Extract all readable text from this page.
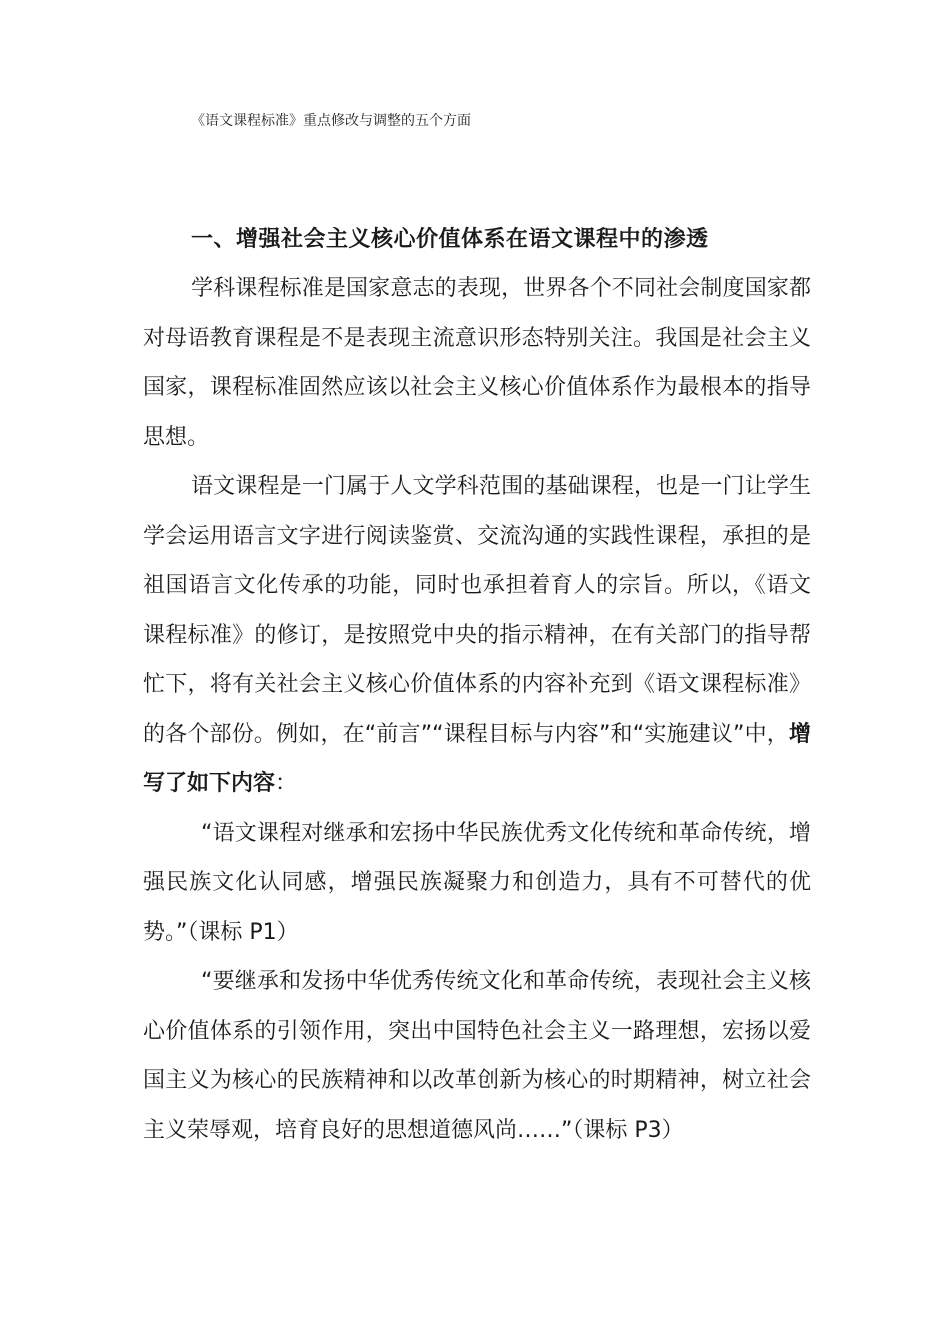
《语文课程标准》重点修改与调整的五个方面
一、增强社会主义核心价值体系在语文课程中的渗透

学科课程标准是国家意志的表现，世界各个不同社会制度国家都对母语教育课程是不是表现主流意识形态特别关注。我国是社会主义国家，课程标准固然应该以社会主义核心价值体系作为最根本的指导思想。

语文课程是一门属于人文学科范围的基础课程，也是一门让学生学会运用语言文字进行阅读鉴赏、交流沟通的实践性课程，承担的是祖国语言文化传承的功能，同时也承担着育人的宗旨。所以，《语文课程标准》的修订，是按照党中央的指示精神，在有关部门的指导帮忙下，将有关社会主义核心价值体系的内容补充到《语文课程标准》的各个部份。例如，在“前言”“课程目标与内容”和“实施建议”中，增写了如下内容：

“语文课程对继承和宏扬中华民族优秀文化传统和革命传统，增强民族文化认同感，增强民族凝聚力和创造力，具有不可替代的优势。”（课标 P1）

“要继承和发扬中华优秀传统文化和革命传统，表现社会主义核心价值体系的引领作用，突出中国特色社会主义一路理想，宏扬以爱国主义为核心的民族精神和以改革创新为核心的时期精神，树立社会主义荣辱观，培育良好的思想道德风尚……”（课标 P3）
